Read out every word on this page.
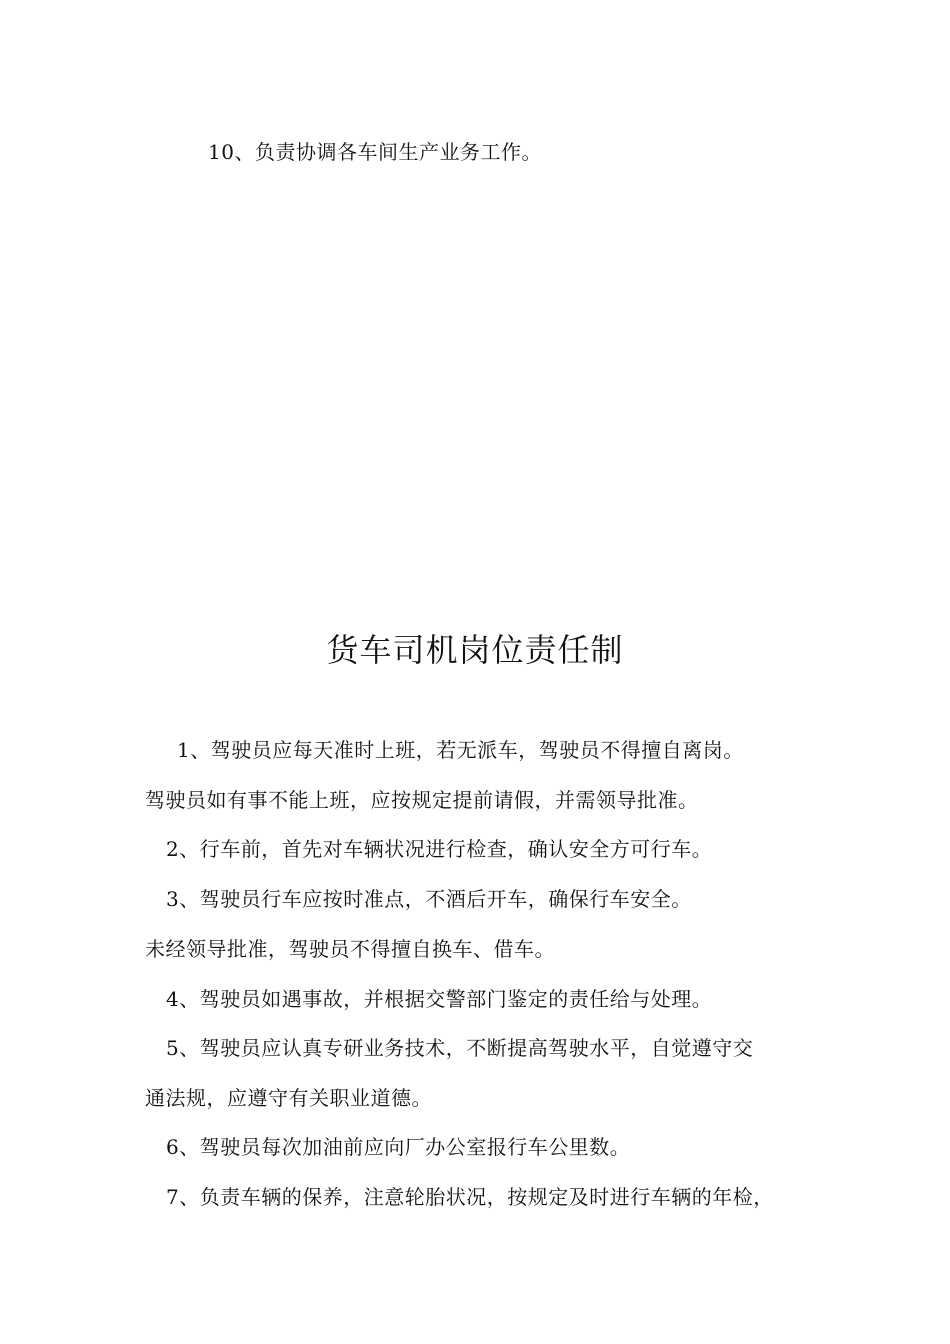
10、负责协调各车间生产业务工作。
货车司机岗位责任制
1、驾驶员应每天准时上班，若无派车，驾驶员不得擅自离岗。
驾驶员如有事不能上班，应按规定提前请假，并需领导批准。
2、行车前，首先对车辆状况进行检查，确认安全方可行车。
3、驾驶员行车应按时准点，不酒后开车，确保行车安全。
未经领导批准，驾驶员不得擅自换车、借车。
4、驾驶员如遇事故，并根据交警部门鉴定的责任给与处理。
5、驾驶员应认真专研业务技术，不断提高驾驶水平，自觉遵守交
通法规，应遵守有关职业道德。
6、驾驶员每次加油前应向厂办公室报行车公里数。
7、负责车辆的保养，注意轮胎状况，按规定及时进行车辆的年检，
